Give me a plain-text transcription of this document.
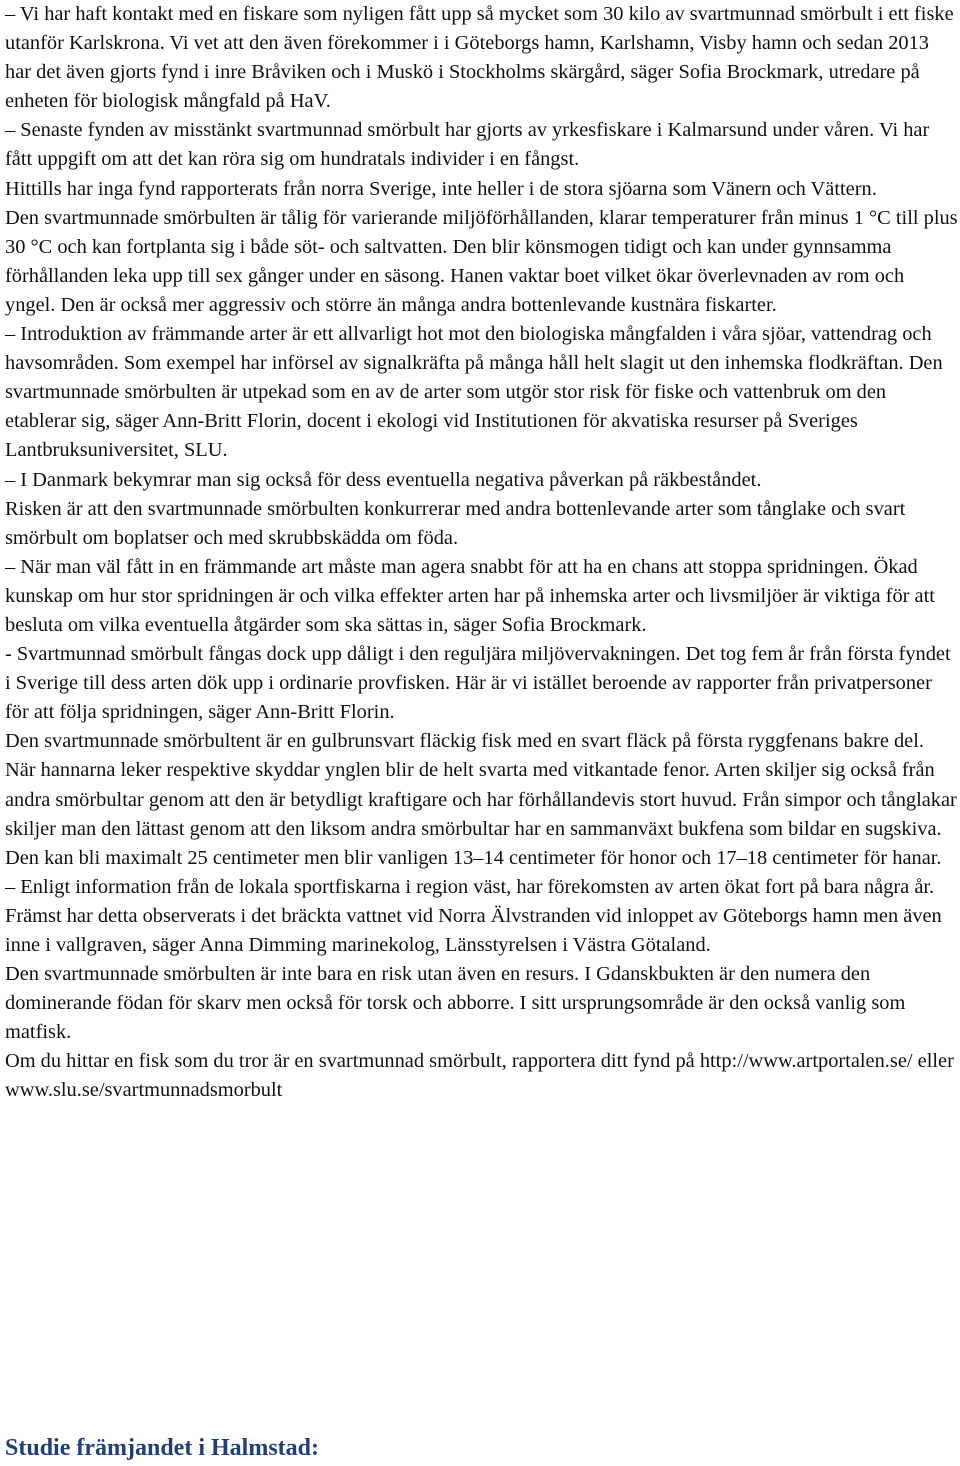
– Vi har haft kontakt med en fiskare som nyligen fått upp så mycket som 30 kilo av svartmunnad smörbult i ett fiske utanför Karlskrona. Vi vet att den även förekommer i i Göteborgs hamn, Karlshamn, Visby hamn och sedan 2013 har det även gjorts fynd i inre Bråviken och i Muskö i Stockholms skärgård, säger Sofia Brockmark, utredare på enheten för biologisk mångfald på HaV.

– Senaste fynden av misstänkt svartmunnad smörbult har gjorts av yrkesfiskare i Kalmarsund under våren. Vi har fått uppgift om att det kan röra sig om hundratals individer i en fångst.

Hittills har inga fynd rapporterats från norra Sverige, inte heller i de stora sjöarna som Vänern och Vättern.

Den svartmunnade smörbulten är tålig för varierande miljöförhållanden, klarar temperaturer från minus 1 °C till plus 30 °C och kan fortplanta sig i både söt- och saltvatten. Den blir könsmogen tidigt och kan under gynnsamma förhållanden leka upp till sex gånger under en säsong. Hanen vaktar boet vilket ökar överlevnaden av rom och yngel. Den är också mer aggressiv och större än många andra bottenlevande kustnära fiskarter.

– Introduktion av främmande arter är ett allvarligt hot mot den biologiska mångfalden i våra sjöar, vattendrag och havsområden. Som exempel har införsel av signalkräfta på många håll helt slagit ut den inhemska flodkräftan. Den svartmunnade smörbulten är utpekad som en av de arter som utgör stor risk för fiske och vattenbruk om den etablerar sig, säger Ann-Britt Florin, docent i ekologi vid Institutionen för akvatiska resurser på Sveriges Lantbruksuniversitet, SLU.

– I Danmark bekymrar man sig också för dess eventuella negativa påverkan på räkbeståndet.

Risken är att den svartmunnade smörbulten konkurrerar med andra bottenlevande arter som tånglake och svart smörbult om boplatser och med skrubbskädda om föda.

– När man väl fått in en främmande art måste man agera snabbt för att ha en chans att stoppa spridningen. Ökad kunskap om hur stor spridningen är och vilka effekter arten har på inhemska arter och livsmiljöer är viktiga för att besluta om vilka eventuella åtgärder som ska sättas in, säger Sofia Brockmark.

- Svartmunnad smörbult fångas dock upp dåligt i den reguljära miljövervakningen. Det tog fem år från första fyndet i Sverige till dess arten dök upp i ordinarie provfisken. Här är vi istället beroende av rapporter från privatpersoner för att följa spridningen, säger Ann-Britt Florin.

Den svartmunnade smörbultent är en gulbrunsvart fläckig fisk med en svart fläck på första ryggfenans bakre del. När hannarna leker respektive skyddar ynglen blir de helt svarta med vitkantade fenor. Arten skiljer sig också från andra smörbultar genom att den är betydligt kraftigare och har förhållandevis stort huvud. Från simpor och tånglakar skiljer man den lättast genom att den liksom andra smörbultar har en sammanväxt bukfena som bildar en sugskiva. Den kan bli maximalt 25 centimeter men blir vanligen 13–14 centimeter för honor och 17–18 centimeter för hanar.

– Enligt information från de lokala sportfiskarna i region väst, har förekomsten av arten ökat fort på bara några år. Främst har detta observerats i det bräckta vattnet vid Norra Älvstranden vid inloppet av Göteborgs hamn men även inne i vallgraven, säger Anna Dimming marinekolog, Länsstyrelsen i Västra Götaland.

Den svartmunnade smörbulten är inte bara en risk utan även en resurs. I Gdanskbukten är den numera den dominerande födan för skarv men också för torsk och abborre. I sitt ursprungsområde är den också vanlig som matfisk.

Om du hittar en fisk som du tror är en svartmunnad smörbult, rapportera ditt fynd på http://www.artportalen.se/ eller www.slu.se/svartmunnadsmorbult

Studie främjandet i Halmstad:
